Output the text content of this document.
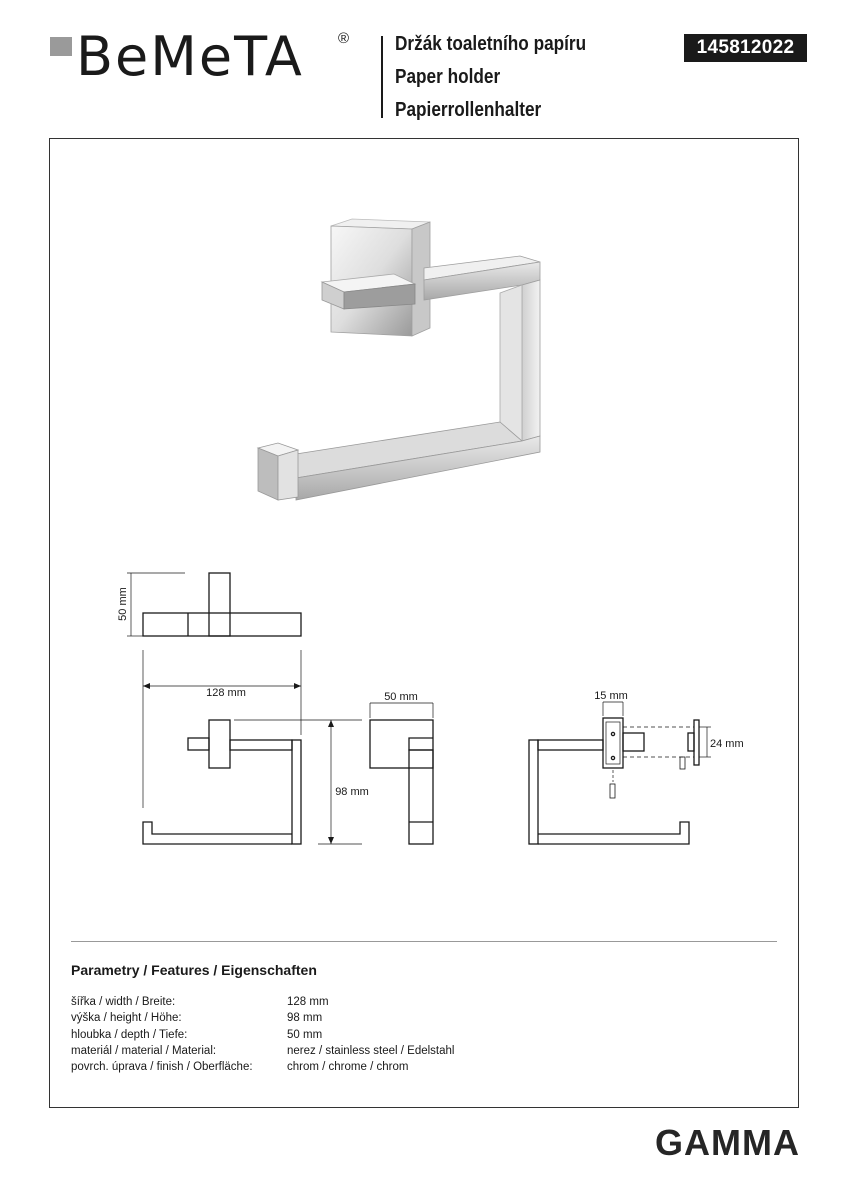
BeMeTA ® Držák toaletního papíru
Paper holder
Papierrollenhalter
145812022
50 mm
128 mm
98 mm
50 mm	15 mm
24 mm
Parametry / Features / Eigenschaften
šířka / width / Breite:	128 mm
výška / height / Höhe:	98 mm
hloubka / depth / Tiefe:	50 mm
materiál / material / Material:	nerez / stainless steel / Edelstahl
povrch. úprava / finish / Oberfläche:	chrom / chrome / chrom
GAMMA
